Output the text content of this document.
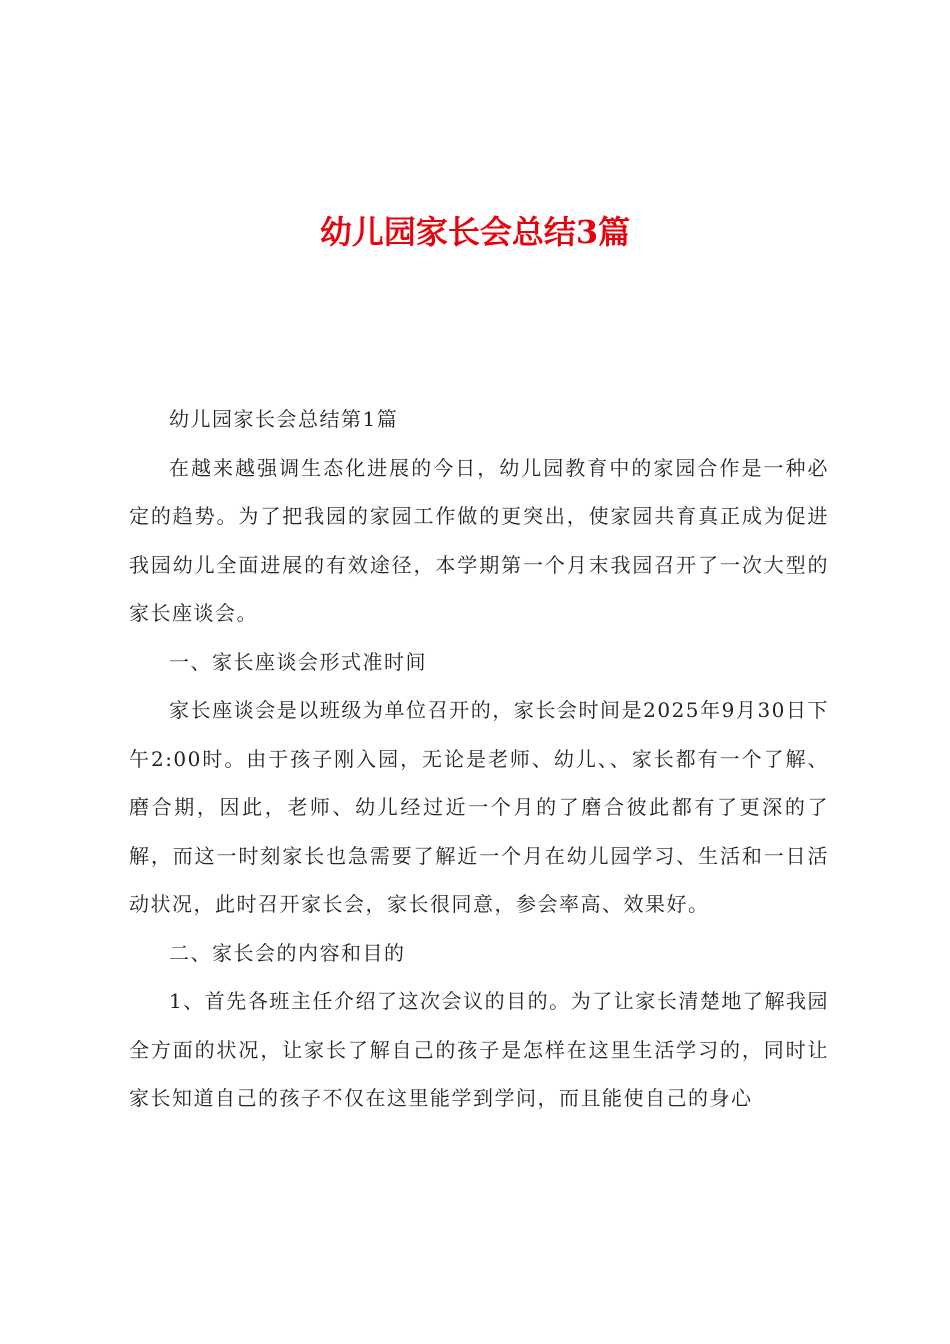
幼儿园家长会总结3篇

幼儿园家长会总结第1篇

在越来越强调生态化进展的今日，幼儿园教育中的家园合作是一种必定的趋势。为了把我园的家园工作做的更突出，使家园共育真正成为促进我园幼儿全面进展的有效途径，本学期第一个月末我园召开了一次大型的家长座谈会。

一、家长座谈会形式准时间

家长座谈会是以班级为单位召开的，家长会时间是2025年9月30日下午2:00时。由于孩子刚入园，无论是老师、幼儿、、家长都有一个了解、磨合期，因此，老师、幼儿经过近一个月的了磨合彼此都有了更深的了解，而这一时刻家长也急需要了解近一个月在幼儿园学习、生活和一日活动状况，此时召开家长会，家长很同意，参会率高、效果好。

二、家长会的内容和目的

1、首先各班主任介绍了这次会议的目的。为了让家长清楚地了解我园全方面的状况，让家长了解自己的孩子是怎样在这里生活学习的，同时让家长知道自己的孩子不仅在这里能学到学问，而且能使自己的身心
